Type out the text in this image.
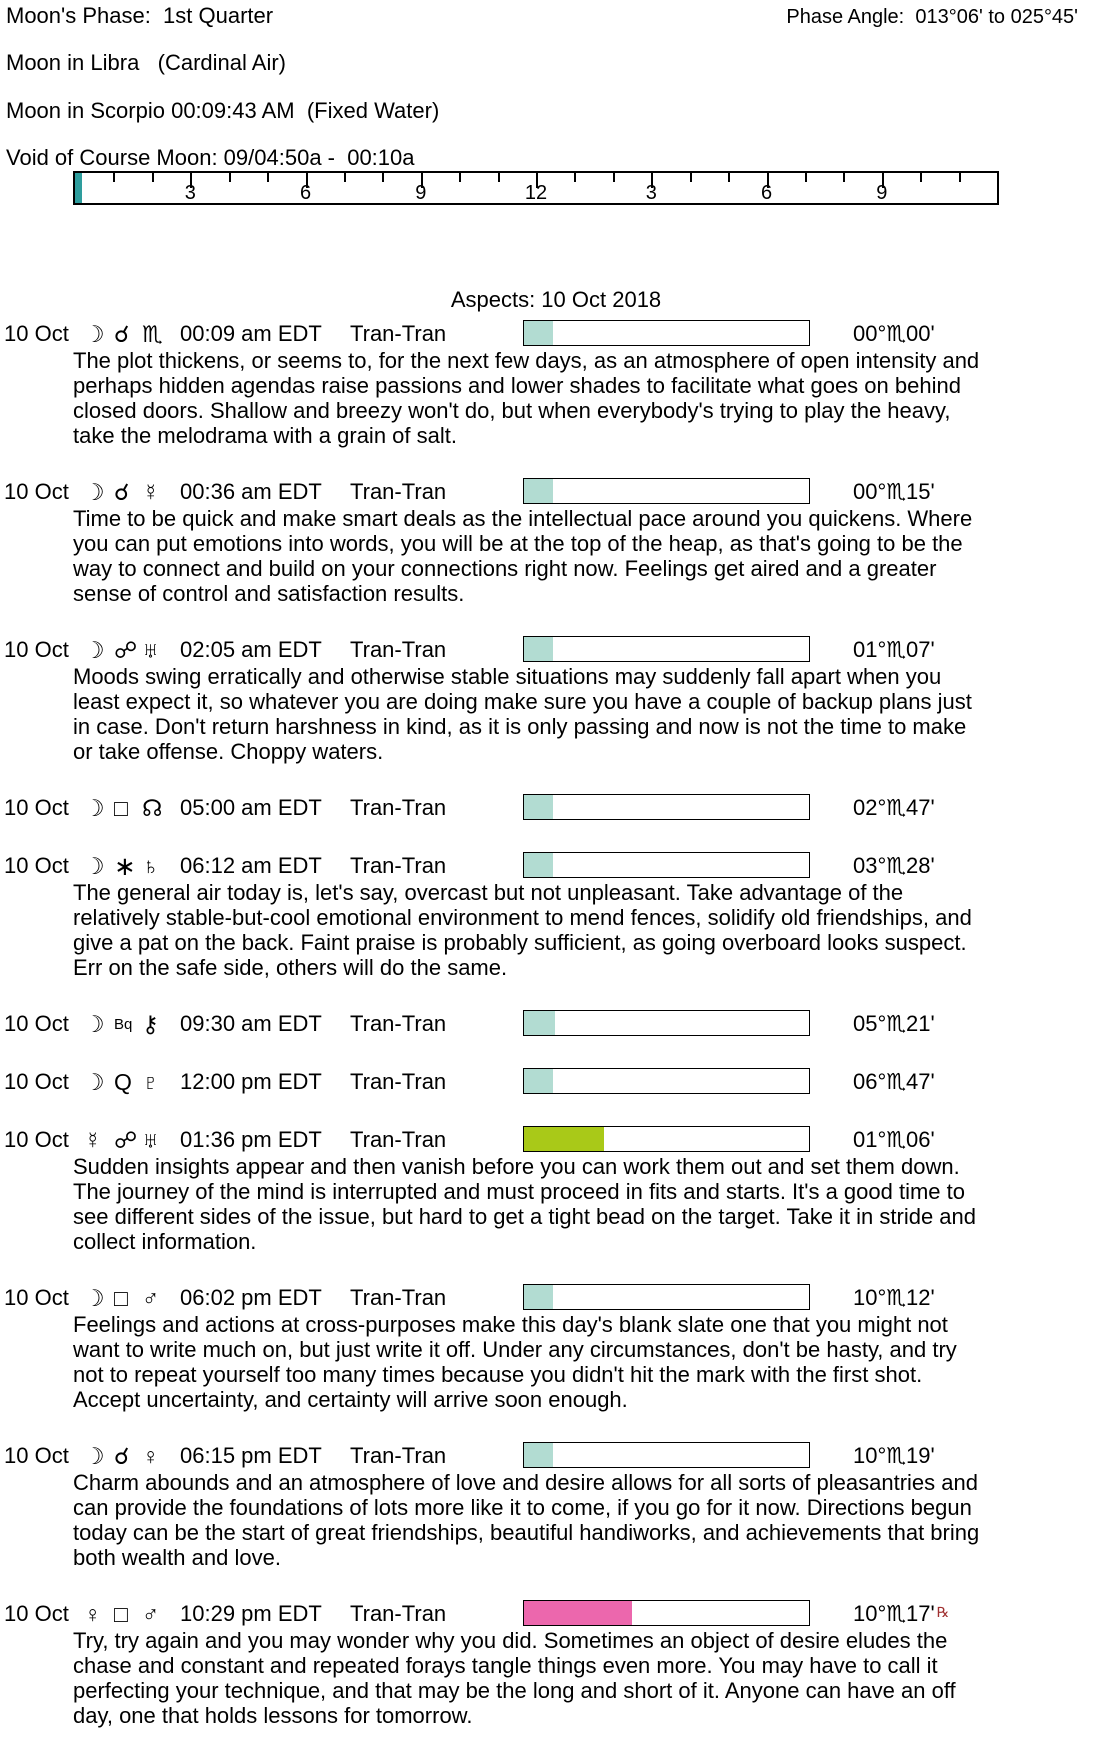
Moon's Phase:  1st Quarter	Phase Angle:  013°06' to 025°45'
Moon in Libra   (Cardinal Air)
Moon in Scorpio 00:09:43 AM  (Fixed Water)
Void of Course Moon: 09/04:50a -  00:10a
3	6	9	12	3	6	9
Aspects: 10 Oct 2018
10 Oct ☽ ☌ ♏ 00:09 am EDT Tran-Tran	00°♏00'
The plot thickens, or seems to, for the next few days, as an atmosphere of open intensity and
perhaps hidden agendas raise passions and lower shades to facilitate what goes on behind
closed doors. Shallow and breezy won't do, but when everybody's trying to play the heavy,
take the melodrama with a grain of salt.
10 Oct ☽ ☌ ☿ 00:36 am EDT Tran-Tran	00°♏15'
Time to be quick and make smart deals as the intellectual pace around you quickens. Where
you can put emotions into words, you will be at the top of the heap, as that's going to be the
way to connect and build on your connections right now. Feelings get aired and a greater
sense of control and satisfaction results.
10 Oct ☽ ☍ ♅ 02:05 am EDT Tran-Tran	01°♏07'
Moods swing erratically and otherwise stable situations may suddenly fall apart when you
least expect it, so whatever you are doing make sure you have a couple of backup plans just
in case. Don't return harshness in kind, as it is only passing and now is not the time to make
or take offense. Choppy waters.
10 Oct ☽ □ ☊ 05:00 am EDT Tran-Tran	02°♏47'
10 Oct ☽ ∗ ♄ 06:12 am EDT Tran-Tran	03°♏28'
The general air today is, let's say, overcast but not unpleasant. Take advantage of the
relatively stable-but-cool emotional environment to mend fences, solidify old friendships, and
give a pat on the back. Faint praise is probably sufficient, as going overboard looks suspect.
Err on the safe side, others will do the same.
10 Oct ☽ Bq ⚷ 09:30 am EDT Tran-Tran	05°♏21'
10 Oct ☽ Q ♇ 12:00 pm EDT Tran-Tran	06°♏47'
10 Oct ☿ ☍ ♅ 01:36 pm EDT Tran-Tran	01°♏06'
Sudden insights appear and then vanish before you can work them out and set them down.
The journey of the mind is interrupted and must proceed in fits and starts. It's a good time to
see different sides of the issue, but hard to get a tight bead on the target. Take it in stride and
collect information.
10 Oct ☽ □ ♂ 06:02 pm EDT Tran-Tran	10°♏12'
Feelings and actions at cross-purposes make this day's blank slate one that you might not
want to write much on, but just write it off. Under any circumstances, don't be hasty, and try
not to repeat yourself too many times because you didn't hit the mark with the first shot.
Accept uncertainty, and certainty will arrive soon enough.
10 Oct ☽ ☌ ♀ 06:15 pm EDT Tran-Tran	10°♏19'
Charm abounds and an atmosphere of love and desire allows for all sorts of pleasantries and
can provide the foundations of lots more like it to come, if you go for it now. Directions begun
today can be the start of great friendships, beautiful handiworks, and achievements that bring
both wealth and love.
10 Oct ♀ □ ♂ 10:29 pm EDT Tran-Tran	10°♏17' ℞
Try, try again and you may wonder why you did. Sometimes an object of desire eludes the
chase and constant and repeated forays tangle things even more. You may have to call it
perfecting your technique, and that may be the long and short of it. Anyone can have an off
day, one that holds lessons for tomorrow.
